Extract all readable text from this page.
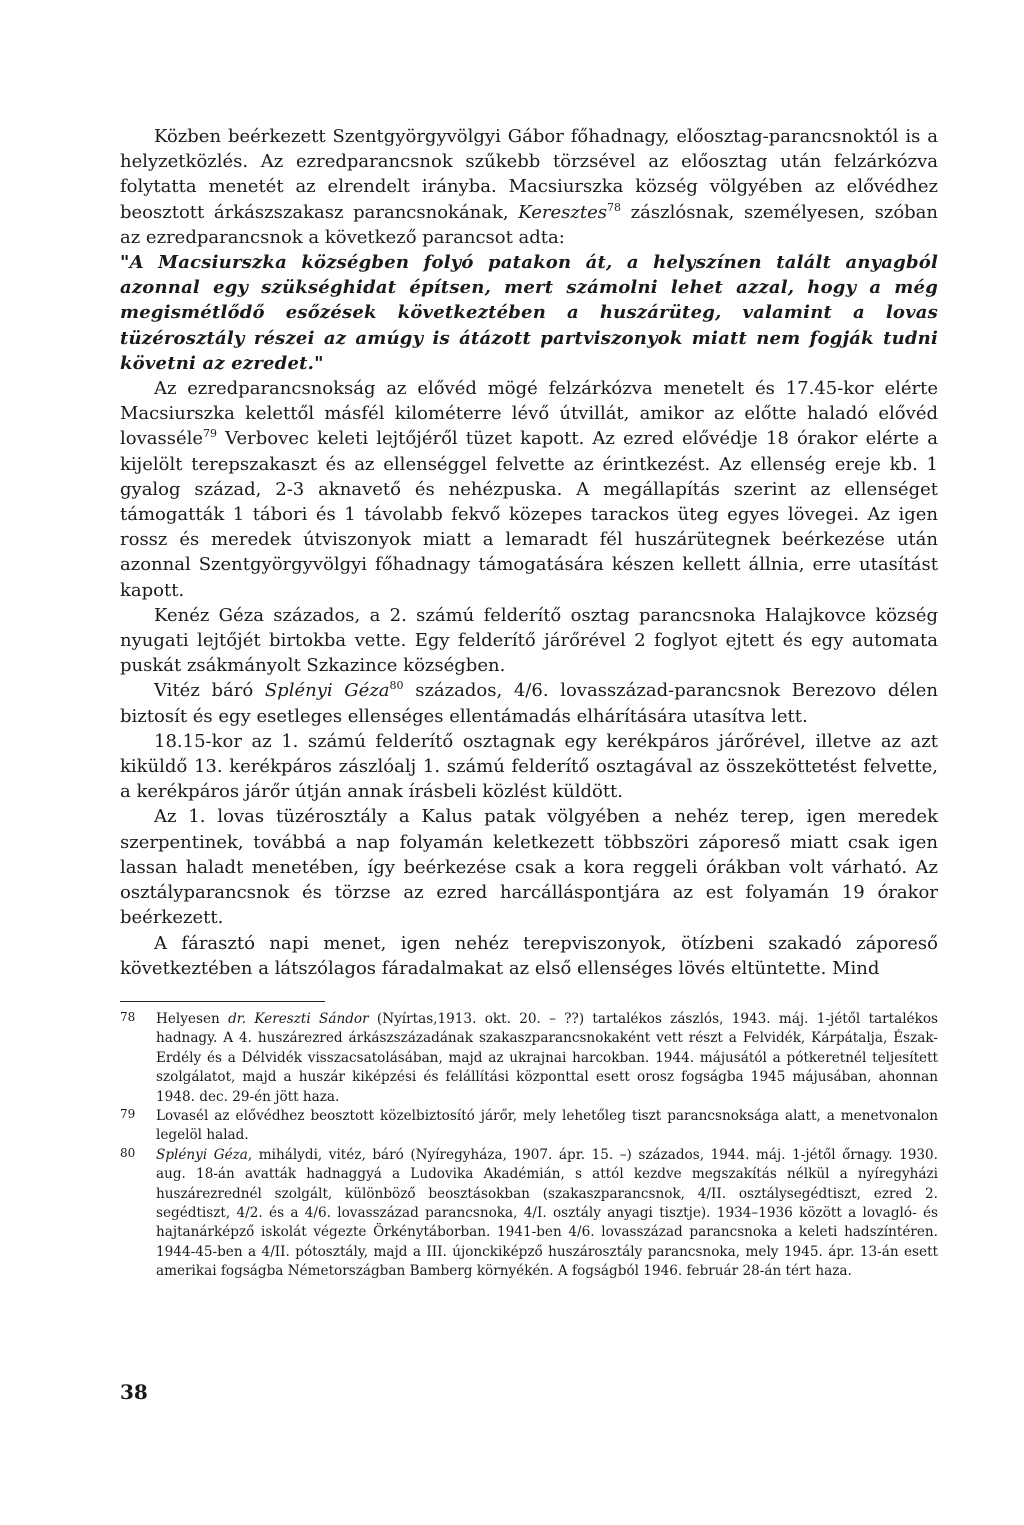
Közben beérkezett Szentgyörgyvölgyi Gábor főhadnagy, előosztag-parancsnoktól is a helyzetközlés. Az ezredparancsnok szűkebb törzsével az előosztag után felzárkózva folytatta menetét az elrendelt irányba. Macsiurszka község völgyében az elővédhez beosztott árkászszakasz parancsnokának, Keresztes$^{78}$ zászlósnak, személyesen, szóban az ezredparancsnok a következő parancsot adta:

"A Macsiurszka községben folyó patakon át, a helyszínen talált anyagból azonnal egy szükséghidat építsen, mert számolni lehet azzal, hogy a még megismétlődő esőzések következtében a huszárüteg, valamint a lovas tüzérosztály részei az amúgy is átázott partviszonyok miatt nem fogják tudni követni az ezredet."

Az ezredparancsnokság az elővéd mögé felzárkózva menetelt és 17.45-kor elérte Macsiurszka kelettől másfél kilométerre lévő útvillát, amikor az előtte haladó elővéd lovasséle$^{79}$ Verbovec keleti lejtőjéről tüzet kapott. Az ezred elővédje 18 órakor elérte a kijelölt terepszakaszt és az ellenséggel felvette az érintkezést. Az ellenség ereje kb. 1 gyalog század, 2-3 aknavető és nehézpuska. A megállapítás szerint az ellenséget támogatták 1 tábori és 1 távolabb fekvő közepes tarackos üteg egyes lövegei. Az igen rossz és meredek útviszonyok miatt a lemaradt fél huszárütegnek beérkezése után azonnal Szentgyörgyvölgyi főhadnagy támogatására készen kellett állnia, erre utasítást kapott.

Kenéz Géza százados, a 2. számú felderítő osztag parancsnoka Halajkovce község nyugati lejtőjét birtokba vette. Egy felderítő járőrével 2 foglyot ejtett és egy automata puskát zsákmányolt Szkazince községben.

Vitéz báró Splényi Géza$^{80}$ százados, 4/6. lovasszázad-parancsnok Berezovo délen biztosít és egy esetleges ellenséges ellentámadás elhárítására utasítva lett.

18.15-kor az 1. számú felderítő osztagnak egy kerékpáros járőrével, illetve az azt kiküldő 13. kerékpáros zászlóalj 1. számú felderítő osztagával az összeköttetést felvette, a kerékpáros járőr útján annak írásbeli közlést küldött.

Az 1. lovas tüzérosztály a Kalus patak völgyében a nehéz terep, igen meredek szerpentinek, továbbá a nap folyamán keletkezett többszöri záporeső miatt csak igen lassan haladt menetében, így beérkezése csak a kora reggeli órákban volt várható. Az osztályparancsnok és törzse az ezred harcálláspontjára az est folyamán 19 órakor beérkezett.

A fárasztó napi menet, igen nehéz terepviszonyok, ötízbeni szakadó záporeső következtében a látszólagos fáradalmakat az első ellenséges lövés eltüntette. Mind

78	Helyesen dr. Kereszti Sándor (Nyírtas,1913. okt. 20. – ??) tartalékos zászlós, 1943. máj. 1-jétől tartalékos hadnagy. A 4. huszárezred árkászszázadának szakaszparancsnokaként vett részt a Felvidék, Kárpátalja, Észak-Erdély és a Délvidék visszacsatolásában, majd az ukrajnai harcokban. 1944. májusától a pótkeretnél teljesített szolgálatot, majd a huszár kiképzési és felállítási központtal esett orosz fogságba 1945 májusában, ahonnan 1948. dec. 29-én jött haza.
79	Lovasél az elővédhez beosztott közelbiztosító járőr, mely lehetőleg tiszt parancsnoksága alatt, a menetvonalon legelöl halad.
80	Splényi Géza, mihálydi, vitéz, báró (Nyíregyháza, 1907. ápr. 15. –) százados, 1944. máj. 1-jétől őrnagy. 1930. aug. 18-án avatták hadnaggyá a Ludovika Akadémián, s attól kezdve megszakítás nélkül a nyíregyházi huszárezrednél szolgált, különböző beosztásokban (szakaszparancsnok, 4/II. osztálysegédtiszt, ezred 2. segédtiszt, 4/2. és a 4/6. lovasszázad parancsnoka, 4/I. osztály anyagi tisztje). 1934–1936 között a lovagló- és hajtanárképző iskolát végezte Örkénytáborban. 1941-ben 4/6. lovasszázad parancsnoka a keleti hadszíntéren. 1944-45-ben a 4/II. pótosztály, majd a III. újonckiképző huszárosztály parancsnoka, mely 1945. ápr. 13-án esett amerikai fogságba Németországban Bamberg környékén. A fogságból 1946. február 28-án tért haza.
38
